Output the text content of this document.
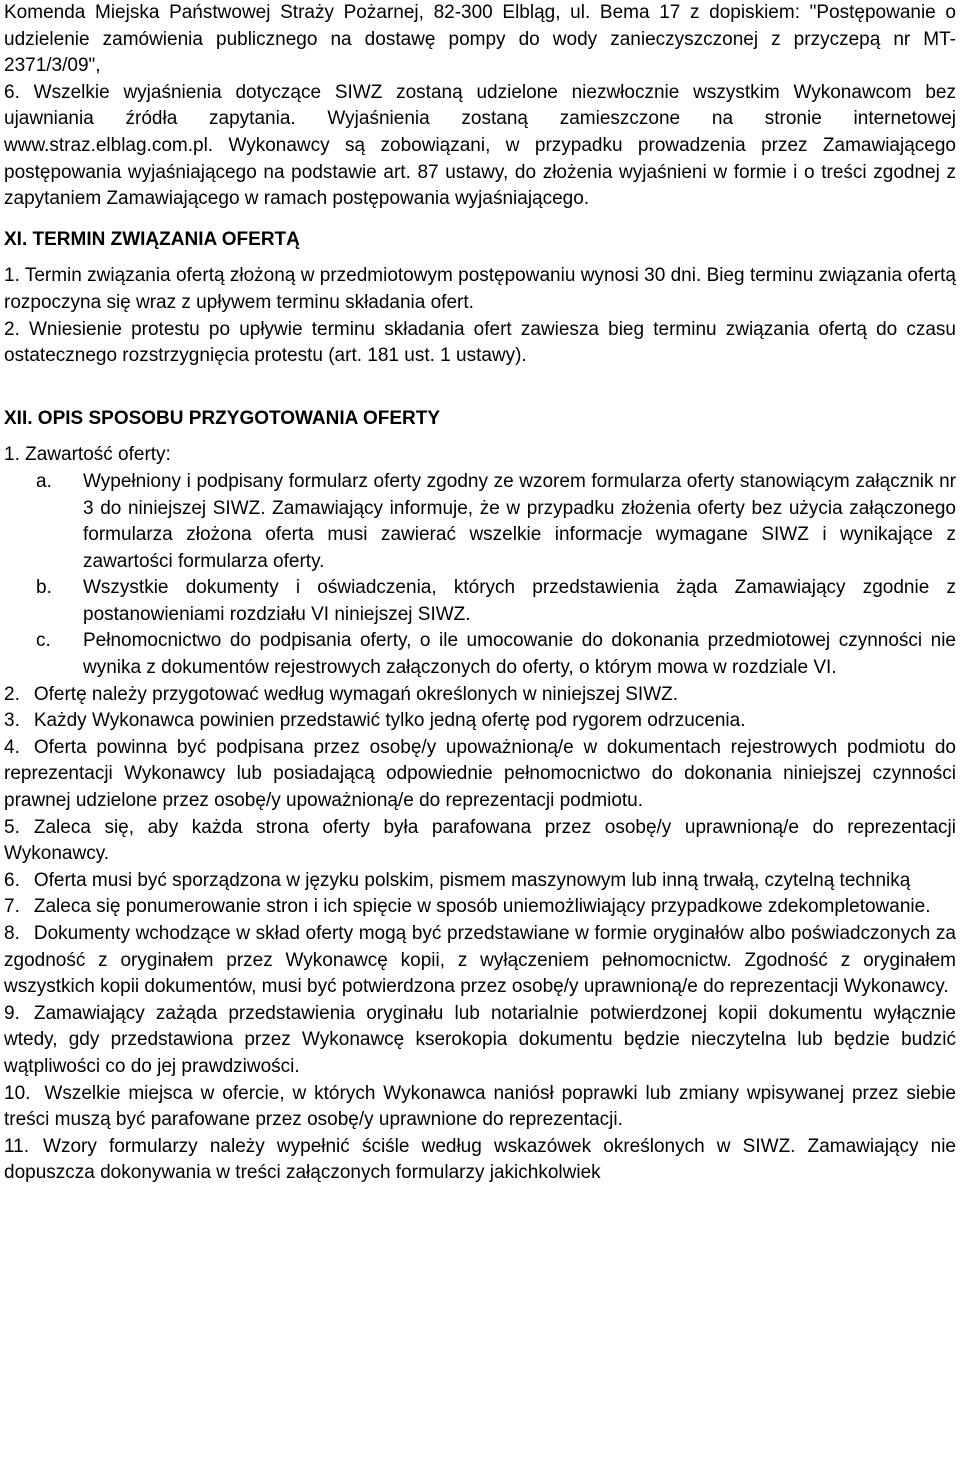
Komenda Miejska Państwowej Straży Pożarnej, 82-300 Elbląg, ul. Bema 17 z dopiskiem: "Postępowanie o udzielenie zamówienia publicznego na dostawę pompy do wody zanieczyszczonej z przyczepą nr MT-2371/3/09",

6. Wszelkie wyjaśnienia dotyczące SIWZ zostaną udzielone niezwłocznie wszystkim Wykonawcom bez ujawniania źródła zapytania. Wyjaśnienia zostaną zamieszczone na stronie internetowej www.straz.elblag.com.pl. Wykonawcy są zobowiązani, w przypadku prowadzenia przez Zamawiającego postępowania wyjaśniającego na podstawie art. 87 ustawy, do złożenia wyjaśnieni w formie i o treści zgodnej z zapytaniem Zamawiającego w ramach postępowania wyjaśniającego.

XI. TERMIN ZWIĄZANIA OFERTĄ

1. Termin związania ofertą złożoną w przedmiotowym postępowaniu wynosi 30 dni. Bieg terminu związania ofertą rozpoczyna się wraz z upływem terminu składania ofert.

2. Wniesienie protestu po upływie terminu składania ofert zawiesza bieg terminu związania ofertą do czasu ostatecznego rozstrzygnięcia protestu (art. 181 ust. 1 ustawy).

XII. OPIS SPOSOBU PRZYGOTOWANIA OFERTY

1. Zawartość oferty:

a.	Wypełniony i podpisany formularz oferty zgodny ze wzorem formularza oferty stanowiącym załącznik nr 3 do niniejszej SIWZ. Zamawiający informuje, że w przypadku złożenia oferty bez użycia załączonego formularza złożona oferta musi zawierać wszelkie informacje wymagane SIWZ i wynikające z zawartości formularza oferty.
b.	Wszystkie dokumenty i oświadczenia, których przedstawienia żąda Zamawiający zgodnie z postanowieniami rozdziału VI niniejszej SIWZ.
c.	Pełnomocnictwo do podpisania oferty, o ile umocowanie do dokonania przedmiotowej czynności nie wynika z dokumentów rejestrowych załączonych do oferty, o którym mowa w rozdziale VI.

2. Ofertę należy przygotować według wymagań określonych w niniejszej SIWZ.

3. Każdy Wykonawca powinien przedstawić tylko jedną ofertę pod rygorem odrzucenia.

4. Oferta powinna być podpisana przez osobę/y upoważnioną/e w dokumentach rejestrowych podmiotu do reprezentacji Wykonawcy lub posiadającą odpowiednie pełnomocnictwo do dokonania niniejszej czynności prawnej udzielone przez osobę/y upoważnioną/e do reprezentacji podmiotu.

5. Zaleca się, aby każda strona oferty była parafowana przez osobę/y uprawnioną/e do reprezentacji Wykonawcy.

6. Oferta musi być sporządzona w języku polskim, pismem maszynowym lub inną trwałą, czytelną techniką

7. Zaleca się ponumerowanie stron i ich spięcie w sposób uniemożliwiający przypadkowe zdekompletowanie.

8. Dokumenty wchodzące w skład oferty mogą być przedstawiane w formie oryginałów albo poświadczonych za zgodność z oryginałem przez Wykonawcę kopii, z wyłączeniem pełnomocnictw. Zgodność z oryginałem wszystkich kopii dokumentów, musi być potwierdzona przez osobę/y uprawnioną/e do reprezentacji Wykonawcy.

9. Zamawiający zażąda przedstawienia oryginału lub notarialnie potwierdzonej kopii dokumentu wyłącznie wtedy, gdy przedstawiona przez Wykonawcę kserokopia dokumentu będzie nieczytelna lub będzie budzić wątpliwości co do jej prawdziwości.

10. Wszelkie miejsca w ofercie, w których Wykonawca naniósł poprawki lub zmiany wpisywanej przez siebie treści muszą być parafowane przez osobę/y uprawnione do reprezentacji.

11. Wzory formularzy należy wypełnić ściśle według wskazówek określonych w SIWZ. Zamawiający nie dopuszcza dokonywania w treści załączonych formularzy jakichkolwiek
